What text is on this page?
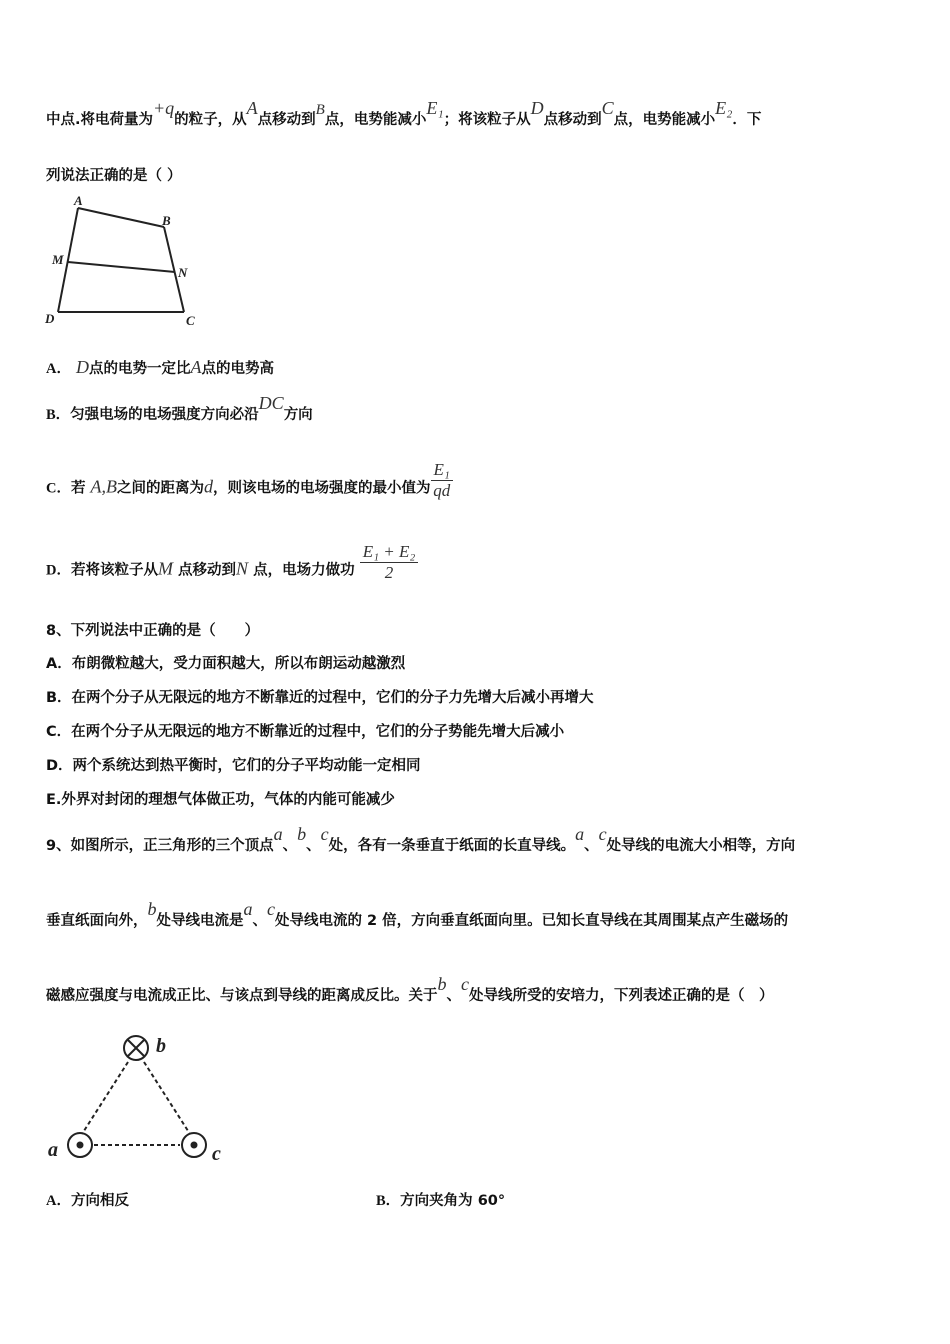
中点.将电荷量为+q的粒子，从A点移动到B点，电势能减小E₁；将该粒子从D点移动到C点，电势能减小E₂．下
列说法正确的是（ ）
A
B
M
N
D	C
A． D点的电势一定比A点的电势高
B．匀强电场的电场强度方向必沿DC方向
C．若 A,B之间的距离为d，则该电场的电场强度的最小值为 $\frac{\text{E₁}}{qd}$
D．若将该粒子从M 点移动到N 点，电场力做功 $\frac{\text{E₁ + E₂}}{2}$
8、下列说法中正确的是（　　）
A．布朗微粒越大，受力面积越大，所以布朗运动越激烈
B．在两个分子从无限远的地方不断靠近的过程中，它们的分子力先增大后减小再增大
C．在两个分子从无限远的地方不断靠近的过程中，它们的分子势能先增大后减小
D．两个系统达到热平衡时，它们的分子平均动能一定相同
E.外界对封闭的理想气体做正功，气体的内能可能减少
9、如图所示，正三角形的三个顶点a、b、c处，各有一条垂直于纸面的长直导线。a、c处导线的电流大小相等，方向
垂直纸面向外，b处导线电流是a、c处导线电流的 2 倍，方向垂直纸面向里。已知长直导线在其周围某点产生磁场的
磁感应强度与电流成正比、与该点到导线的距离成反比。关于b、c处导线所受的安培力，下列表述正确的是（　）
b
a	c
A．方向相反	B．方向夹角为 60°
